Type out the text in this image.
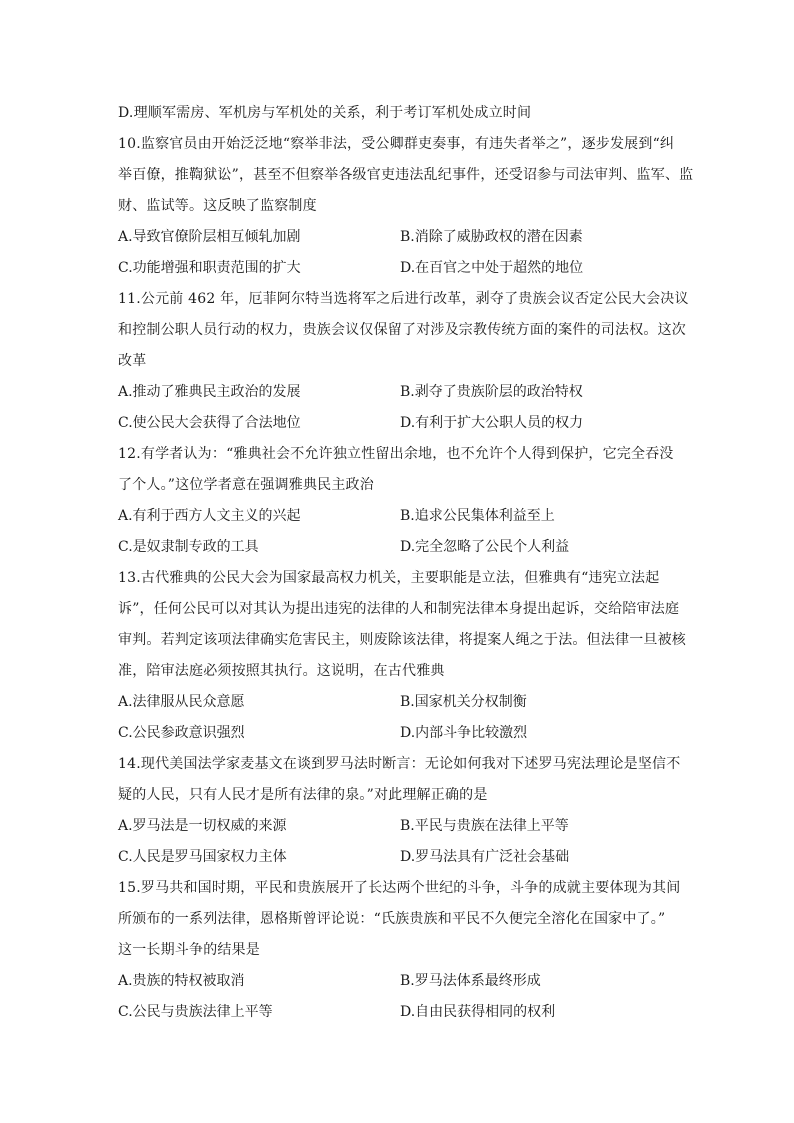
D.理顺军需房、军机房与军机处的关系，利于考订军机处成立时间
10.监察官员由开始泛泛地“察举非法，受公卿群吏奏事，有违失者举之”，逐步发展到“纠
举百僚，推鞫狱讼”，甚至不但察举各级官吏违法乱纪事件，还受诏参与司法审判、监军、监
财、监试等。这反映了监察制度
A.导致官僚阶层相互倾轧加剧	B.消除了威胁政权的潜在因素
C.功能增强和职责范围的扩大	D.在百官之中处于超然的地位
11.公元前 462 年，厄菲阿尔特当选将军之后进行改革，剥夺了贵族会议否定公民大会决议
和控制公职人员行动的权力，贵族会议仅保留了对涉及宗教传统方面的案件的司法权。这次
改革
A.推动了雅典民主政治的发展	B.剥夺了贵族阶层的政治特权
C.使公民大会获得了合法地位	D.有利于扩大公职人员的权力
12.有学者认为：“雅典社会不允许独立性留出余地，也不允许个人得到保护，它完全吞没
了个人。”这位学者意在强调雅典民主政治
A.有利于西方人文主义的兴起	B.追求公民集体利益至上
C.是奴隶制专政的工具	D.完全忽略了公民个人利益
13.古代雅典的公民大会为国家最高权力机关，主要职能是立法，但雅典有“违宪立法起
诉”，任何公民可以对其认为提出违宪的法律的人和制宪法律本身提出起诉，交给陪审法庭
审判。若判定该项法律确实危害民主，则废除该法律，将提案人绳之于法。但法律一旦被核
准，陪审法庭必须按照其执行。这说明，在古代雅典
A.法律服从民众意愿	B.国家机关分权制衡
C.公民参政意识强烈	D.内部斗争比较激烈
14.现代美国法学家麦基文在谈到罗马法时断言：无论如何我对下述罗马宪法理论是坚信不
疑的人民，只有人民才是所有法律的泉。”对此理解正确的是
A.罗马法是一切权威的来源	B.平民与贵族在法律上平等
C.人民是罗马国家权力主体	D.罗马法具有广泛社会基础
15.罗马共和国时期，平民和贵族展开了长达两个世纪的斗争，斗争的成就主要体现为其间
所颁布的一系列法律，恩格斯曾评论说：“氏族贵族和平民不久便完全溶化在国家中了。”
这一长期斗争的结果是
A.贵族的特权被取消	B.罗马法体系最终形成
C.公民与贵族法律上平等	D.自由民获得相同的权利
